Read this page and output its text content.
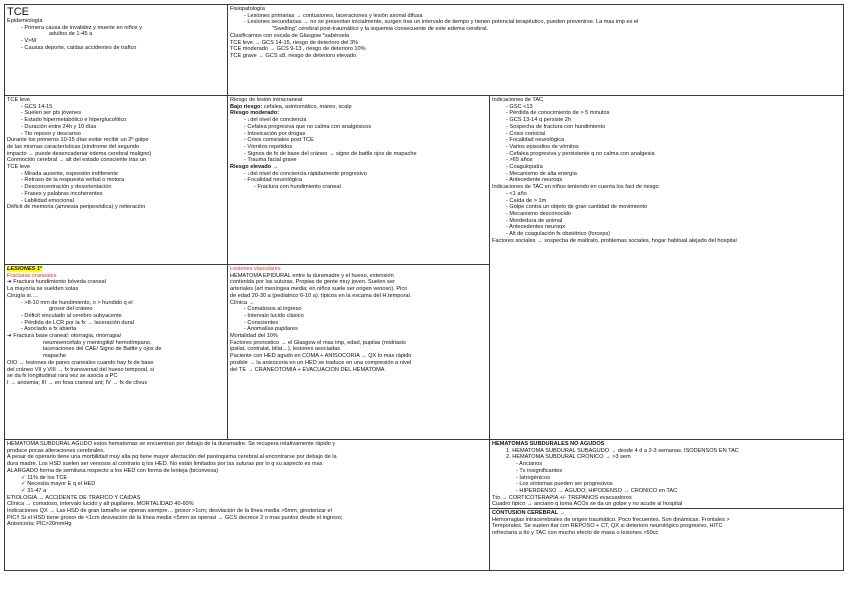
TCE
Epidemiología
- Primera causa de invalidez y muerte en niños y
adultos de 1-45 a
- V>M
- Causas deporte, caídas accidentes de trafico
Fisiopatología
- Lesiones primarias → contusiones, laceraciones y lesión axonal difusa
- Lesiones secundarias → no se presentan inicialmente, surgen tras un intervalo de tiempo y tienen potencial terapéutico, pueden prevenirse. La mas imp es el
"Swelling" cerebral post-traumático y la isquemia consecuente de este edema cerebral.
Clasificamos con escala de Glasgow *sabérsela
TCE leve → GCS 14-15, riesgo de deterioro del 3%
TCE moderado → GCS 9-13 , riesgo de deterioro 10%
TCE grave → GCS ≤8, riesgo de deterioro elevado
TCE leve
- GCS 14-15
- Suelen ser pts jóvenes
- Estado hipermetabólico e hiperglucolítico
- Duración entre 24h y 10 días
- Tto reposo y descanso
Durante los primeros 10-15 días evitar recibir un 2º golpe
de las mismas características (síndrome del segundo
impacto → puede desencadenar edema cerebral maligno)
Conmoción cerebral → alt del estado consciente tras un
TCE leve
- Mirada ausente, expresión indiferente
- Retraso de la respuesta verbal o motora
- Desconcentración y desorientación
- Frases y palabras incoherentes
- Labilidad emocional
Déficit de memoria (amnesia peripesódica) y reiteración
Riesgo de lesión intracraneal
Bajo riesgo: cefalea, asintomático, mareo, scalp
Riesgo moderado:
- ↓del nivel de conciencia
- Cefalea progresiva que no calma con analgésicos
- Intoxicación por drogas
- Crisis comiciales post TCE
- Vómitos repetidos
- Signos de fx de base del cráneo → signo de battle ojos de mapache
- Trauma facial grave
Riesgo elevado →
- ↓del nivel de conciencia rápidamente progresivo
- Focalidad neurológica
- Fractura con hundimiento craneal
Indicaciones de TAC
- GSC <13
- Pérdida de conocimiento de > 5 minutos
- GCS 13-14 q persiste 2h
- Sospecha de fractura con hundimiento
- Crisis comicial
- Focalidad neurológica
- Varios episodios de vómitos
- Cefalea progresiva y persistente q no calma con analgesia
- >65 años
- Coagulopatía
- Mecanismo de alta energía
- Antecedente neuroqx
Indicaciones de TAC en niños teniendo en cuenta los fact de riesgo
- <1 año
- Caída de > 1m
- Golpe contra un objeto de gran cantidad de movimiento
- Mecanismo desconocido
- Mordedura de animal
- Antecedentes neuroqx
- Alt de coagulación fx obstétrico (forceps)
Factores sociales → sospecha de maltrato, problemas sociales, hogar habitual alejado del hospital
LESIONES 1º
Fracturas craneales
➜ Fractura hundimiento bóveda craneal
La mayoría se suelden solas
Cirugía si….
- >8-10 mm de hundimiento, o > hundido q el
grosor del cráneo
- Déficit vinculado al cerebro subyacente
- Pérdida de LCR por la fx → laceración dural
- Asociado a fx abierta
➜ Fractura base craneal: otorragia, rinorragia/
neumoencefalo y meningitid/ hemotímpano,
laceraciones del CAE/ Signo de Battle y ojos de
mapache
OIO → lesiones de pares craneales cuando hay fx de base
del cráneo VII y VIII → fx transversal del hueso temporal, si
se da fx longitudinal rara vez se asocia a PC
I → anosmia; III → en fosa craneal ant; IV → fx de clivus
Lesiones vasculares
HEMATOMA EPIDURAL entre la duramadre y el hueso, extensión
contenida por las suturas. Propias de gente muy joven. Suelen ser
arteriales (art meníngea media; en niños suele ser origen venoso). Pico
de edad 20-30 a (pediatrico 6-10 a). típicos en la escama del H.temporal.
Clínica →
- Comatosos al ingreso
- Intervalo lucido clásico
- Conscientes
- Anomalías pupilares
Mortalidad del 10%
Factores pronostico → el Glasgow el mas imp, edad, pupilas (midriasis
ipsilat, contralat, bilat…), lesiones asociadas
Paciente con HED agudo en COMA + ANISOCORIA → QX lo mas rápido
posible → la anisocoria en un HED se traduce en una compresión a nivel
del TE → CRANEOTOMIA + EVACUACION DEL HEMATOMA
HEMATOMA SUBDURAL AGUDO estos hematomas se encuentran por debajo de la duramadre. Se recupera relativamente rápido y
produce pocas alteraciones cerebrales.
A pesar de operarlo tiene una morbilidad muy alta pq tiene mayor afectación del parénquima cerebral al encontrarse por debajo de la
dura madre. Los HSD suelen ser venosos al contrario q los HED. No están limitados por las suturas por lo q su aspecto es mas
ALARGADO forma de semiluna respecto a los HED con forma de lenteja (biconvexa)
✓ 11% de los TCE
✓ Necesita mayor E q el HED
✓ 31-47 a
ETIOLOGIA → ACCIDENTE DE TRAFICO Y CAIDAS
Clínica → comatoso, intervalo lucido y alt pupilares. MORTALIDAD 40-60%
Indicaciones QX → Las HSD de gran tamaño se operan siempre… grosor >1cm; desviación de la línea media >5mm, ginotorizar el
PIC!! Si el HSD tiene grosor de <1cm desviación de la línea media <5mm se operasi → GCS decrece 2 o mas puntos desde el ingreso;
Anisocoria; PIC>20mmHg
HEMATOMAS SUBDURALES NO AGUDOS
1. HEMATOMA SUBDURAL SUBAGUDO → desde 4 d a 2-3 semanas. ISODENSOS EN TAC
2. HEMATOMA SUBDURAL CRONICO → >3 sem
- Ancianos
- Tx insignificantes
- Iatrogénicos
- Los síntomas pueden ser progresivos
- HIPERDENSO → AGUDO; HIPODENSO → CRONICO en TAC
Tto → CORTICOTERAPIA +/- TREPANOS evacuadores
Cuadro típico → anciano q toma ACOs se da un golpe y no acude al hospital
CONTUSION CEREBRAL →
Hemorragias intracerebrales de origen traumático. Poco frecuentes. Son dinámicas. Frontales >
Temporales. Se suelen ttar con REPOSO + CT, QX si deterioro neurológico progresivo, HITC
refrectaria a tto y TAC con mucho efecto de masa o lesiones >50cc
